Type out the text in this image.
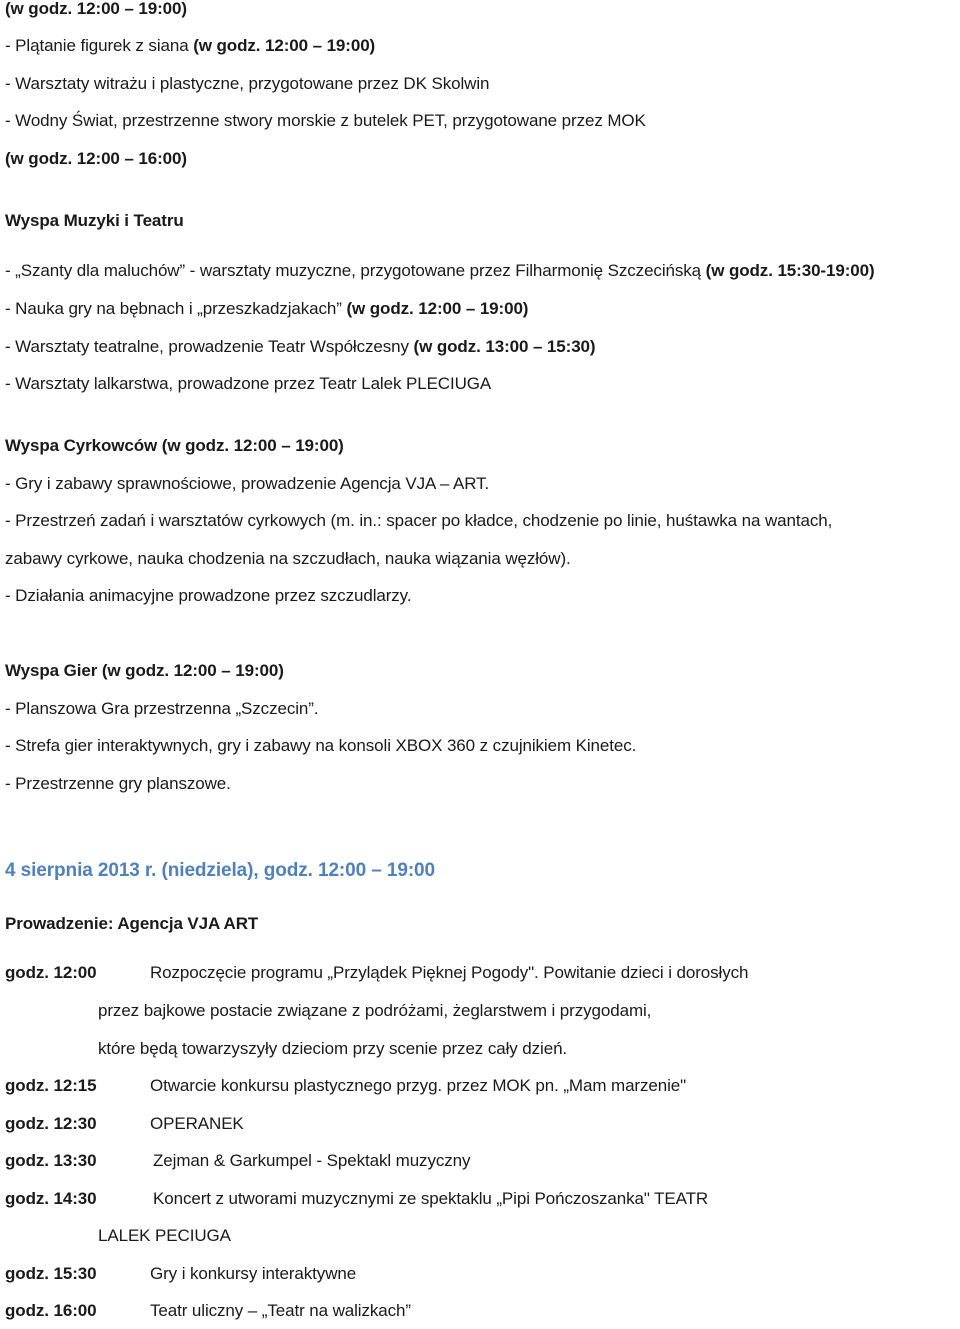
(w godz. 12:00 – 19:00)
- Plątanie figurek z siana (w godz. 12:00 – 19:00)
- Warsztaty witrażu i plastyczne, przygotowane przez DK Skolwin
- Wodny Świat, przestrzenne stwory morskie z butelek PET, przygotowane przez MOK
(w godz. 12:00 – 16:00)
Wyspa Muzyki i Teatru
- „Szanty dla maluchów” - warsztaty muzyczne, przygotowane przez Filharmonię Szczecińską (w godz. 15:30-19:00)
- Nauka gry na bębnach i „przeszkadzjakach” (w godz. 12:00 – 19:00)
- Warsztaty teatralne, prowadzenie Teatr Współczesny (w godz. 13:00 – 15:30)
- Warsztaty lalkarstwa, prowadzone przez Teatr Lalek PLECIUGA
Wyspa Cyrkowców (w godz. 12:00 – 19:00)
- Gry i zabawy sprawnościowe, prowadzenie Agencja VJA – ART.
- Przestrzeń zadań i warsztatów cyrkowych (m. in.: spacer po kładce, chodzenie po linie, huśtawka na wantach,
zabawy cyrkowe, nauka chodzenia na szczudłach, nauka wiązania węzłów).
- Działania animacyjne prowadzone przez szczudlarzy.
Wyspa Gier (w godz. 12:00 – 19:00)
- Planszowa Gra przestrzenna „Szczecin”.
- Strefa gier interaktywnych, gry i zabawy na konsoli XBOX 360 z czujnikiem Kinetec.
- Przestrzenne gry planszowe.
4 sierpnia 2013 r. (niedziela), godz. 12:00 – 19:00
Prowadzenie: Agencja VJA ART
godz. 12:00	Rozpoczęcie programu „Przylądek Pięknej Pogody". Powitanie dzieci i dorosłych
przez bajkowe postacie związane z podróżami, żeglarstwem i przygodami,
które będą towarzyszyły dzieciom przy scenie przez cały dzień.
godz. 12:15	Otwarcie konkursu plastycznego przyg. przez MOK pn. „Mam marzenie"
godz. 12:30	OPERANEK
godz. 13:30	Zejman & Garkumpel - Spektakl muzyczny
godz. 14:30	Koncert z utworami muzycznymi ze spektaklu „Pipi Pończoszanka" TEATR
LALEK PECIUGA
godz. 15:30	Gry i konkursy interaktywne
godz. 16:00	Teatr uliczny – „Teatr na walizkach”
